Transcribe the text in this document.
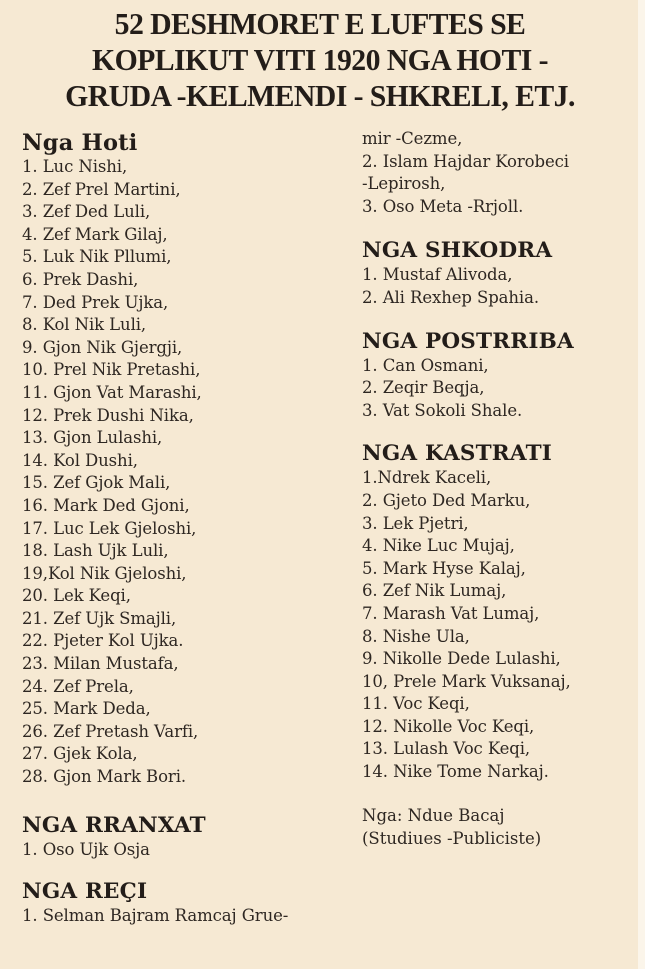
52 DESHMORET E LUFTES SE
KOPLIKUT VITI 1920 NGA HOTI -
GRUDA -KELMENDI - SHKRELI, ETJ.
Nga Hoti
1. Luc Nishi,
2. Zef Prel Martini,
3. Zef Ded Luli,
4. Zef Mark Gilaj,
5. Luk Nik Pllumi,
6. Prek Dashi,
7. Ded Prek Ujka,
8. Kol Nik Luli,
9. Gjon Nik Gjergji,
10. Prel Nik Pretashi,
11. Gjon Vat Marashi,
12. Prek Dushi Nika,
13. Gjon Lulashi,
14. Kol Dushi,
15. Zef Gjok Mali,
16. Mark Ded Gjoni,
17. Luc Lek Gjeloshi,
18. Lash Ujk Luli,
19,Kol Nik Gjeloshi,
20. Lek Keqi,
21. Zef Ujk Smajli,
22. Pjeter Kol Ujka.
23. Milan Mustafa,
24. Zef Prela,
25. Mark Deda,
26. Zef Pretash Varfi,
27. Gjek Kola,
28. Gjon Mark Bori.
NGA RRANXAT
1. Oso Ujk Osja
NGA REÇI
1. Selman Bajram Ramcaj Grue-
mir -Cezme,
2. Islam Hajdar Korobeci
-Lepirosh,
3. Oso Meta -Rrjoll.
NGA SHKODRA
1. Mustaf Alivoda,
2. Ali Rexhep Spahia.
NGA POSTRRIBA
1. Can Osmani,
2. Zeqir Beqja,
3. Vat Sokoli Shale.
NGA KASTRATI
1.Ndrek Kaceli,
2. Gjeto Ded Marku,
3. Lek Pjetri,
4. Nike Luc Mujaj,
5. Mark Hyse Kalaj,
6. Zef Nik Lumaj,
7. Marash Vat Lumaj,
8. Nishe Ula,
9. Nikolle Dede Lulashi,
10, Prele Mark Vuksanaj,
11. Voc Keqi,
12. Nikolle Voc Keqi,
13. Lulash Voc Keqi,
14. Nike Tome Narkaj.
Nga: Ndue Bacaj
(Studiues -Publiciste)
